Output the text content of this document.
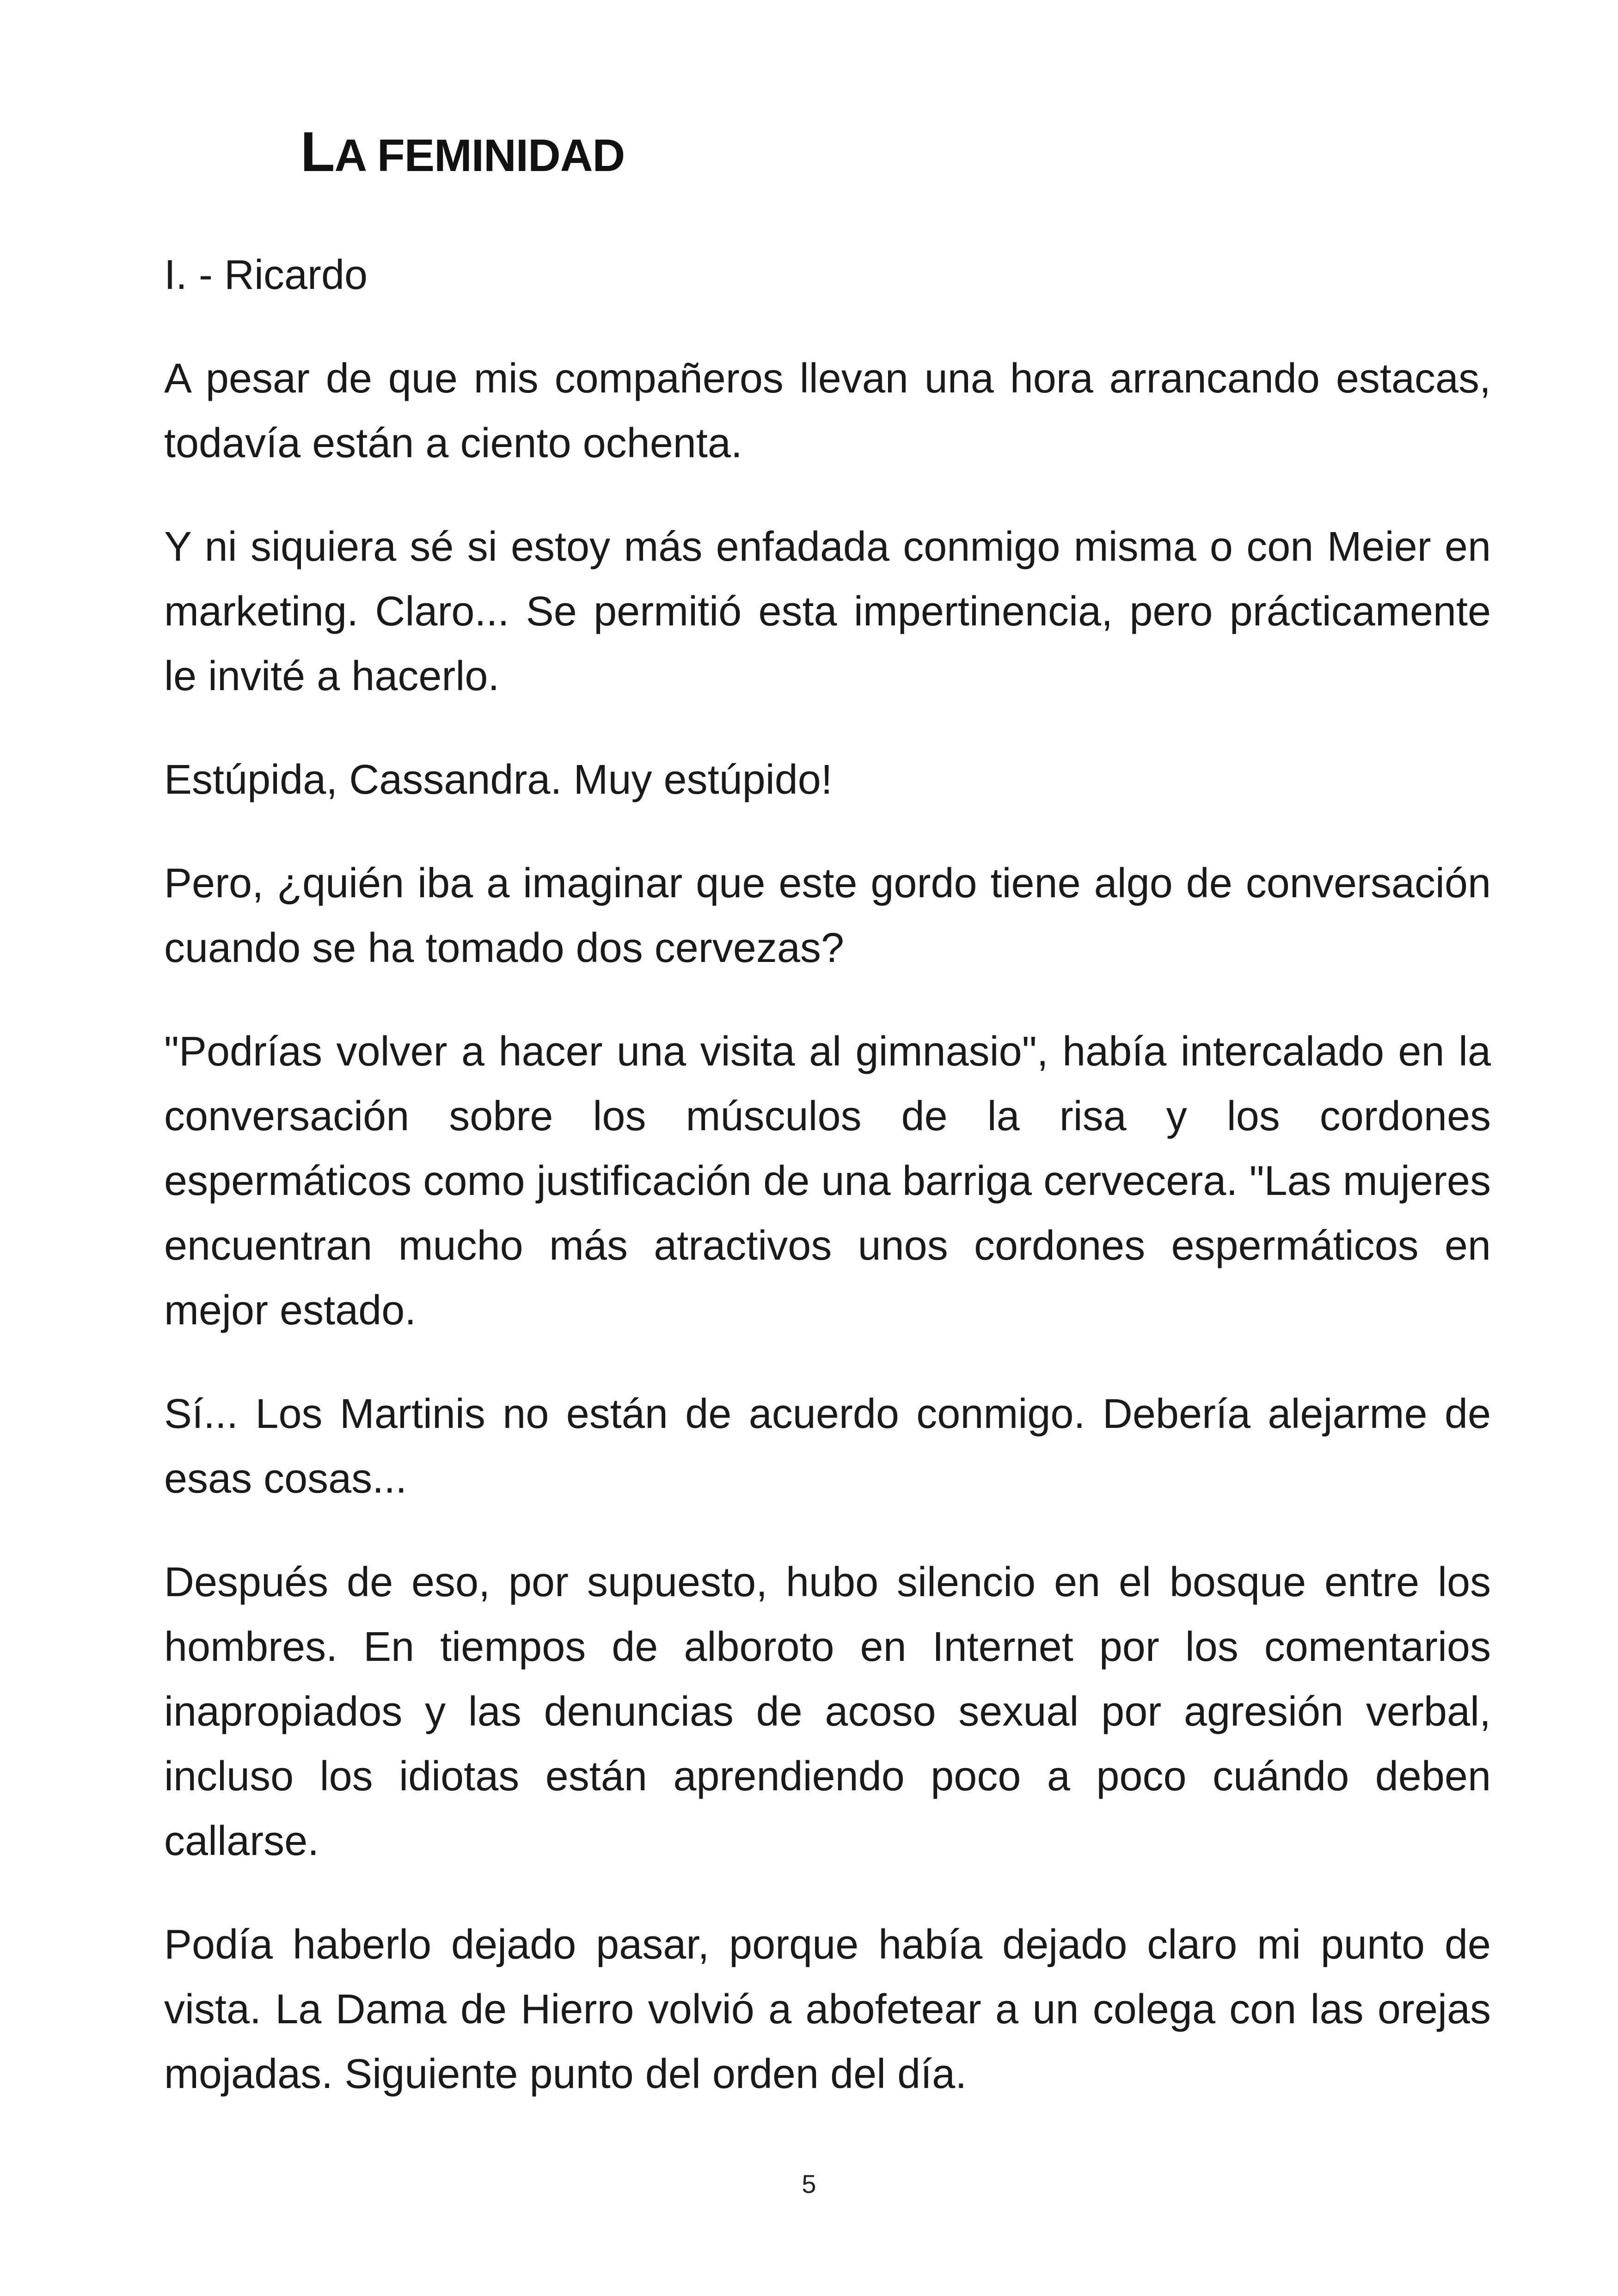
LA FEMINIDAD

I. - Ricardo

A pesar de que mis compañeros llevan una hora arrancando estacas, todavía están a ciento ochenta.

Y ni siquiera sé si estoy más enfadada conmigo misma o con Meier en marketing. Claro... Se permitió esta impertinencia, pero prácticamente le invité a hacerlo.

Estúpida, Cassandra. Muy estúpido!

Pero, ¿quién iba a imaginar que este gordo tiene algo de conversación cuando se ha tomado dos cervezas?

"Podrías volver a hacer una visita al gimnasio", había intercalado en la conversación sobre los músculos de la risa y los cordones espermáticos como justificación de una barriga cervecera. "Las mujeres encuentran mucho más atractivos unos cordones espermáticos en mejor estado.

Sí... Los Martinis no están de acuerdo conmigo. Debería alejarme de esas cosas...

Después de eso, por supuesto, hubo silencio en el bosque entre los hombres. En tiempos de alboroto en Internet por los comentarios inapropiados y las denuncias de acoso sexual por agresión verbal, incluso los idiotas están aprendiendo poco a poco cuándo deben callarse.

Podía haberlo dejado pasar, porque había dejado claro mi punto de vista. La Dama de Hierro volvió a abofetear a un colega con las orejas mojadas. Siguiente punto del orden del día.

5
